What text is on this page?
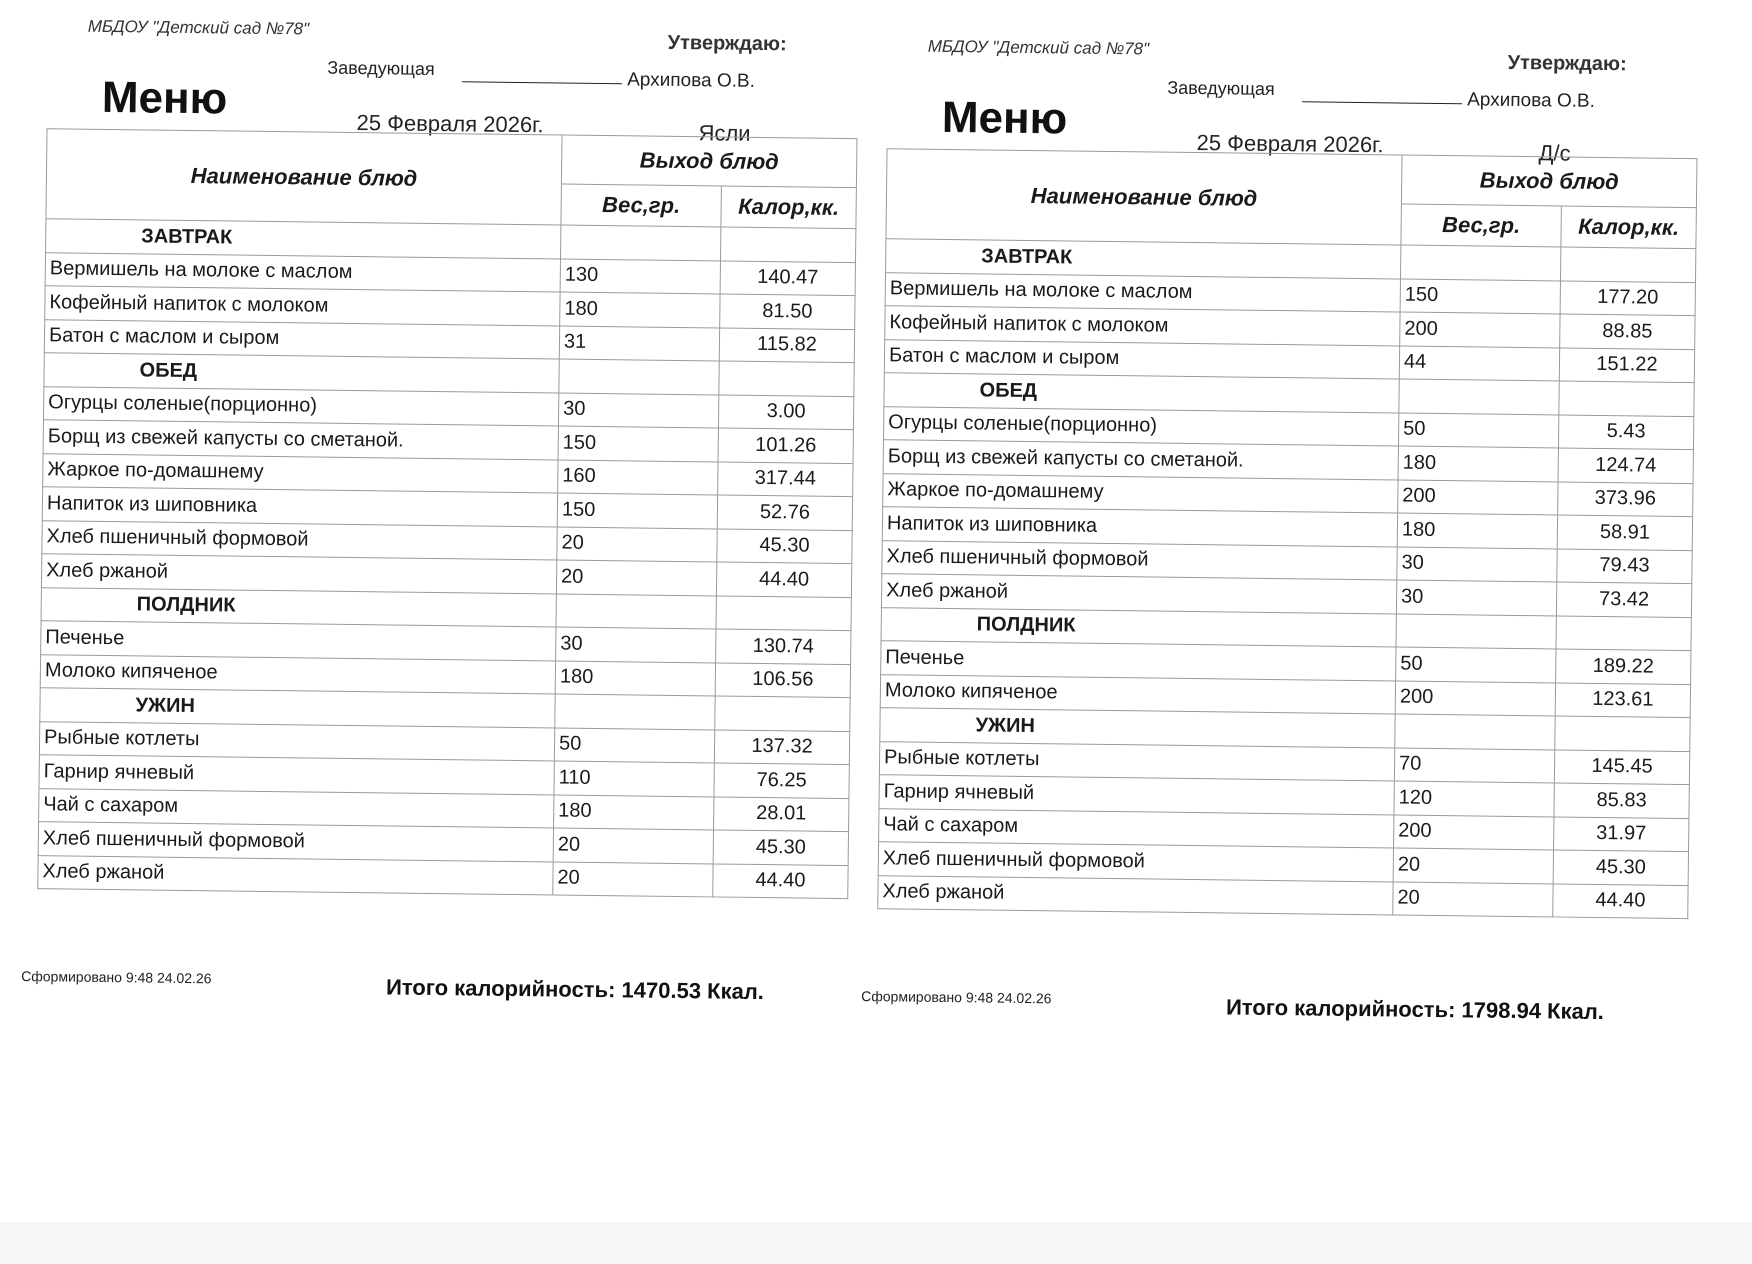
МБДОУ "Детский сад №78"
Утверждаю:
Заведующая
Архипова О.В.
Меню
25 Февраля 2026г.	Ясли
Наименование блюд	Выход блюд	
	Вес,гр.	Калор,кк.
ЗАВТРАК		
Вермишель на молоке с маслом	130	140.47
Кофейный напиток с молоком	180	81.50
Батон с маслом и сыром	31	115.82
ОБЕД		
Огурцы соленые(порционно)	30	3.00
Борщ из свежей капусты со сметаной.	150	101.26
Жаркое по-домашнему	160	317.44
Напиток из шиповника	150	52.76
Хлеб пшеничный формовой	20	45.30
Хлеб ржаной	20	44.40
ПОЛДНИК		
Печенье	30	130.74
Молоко кипяченое	180	106.56
УЖИН		
Рыбные котлеты	50	137.32
Гарнир ячневый	110	76.25
Чай с сахаром	180	28.01
Хлеб пшеничный формовой	20	45.30
Хлеб ржаной	20	44.40
Сформировано 9:48 24.02.26	Итого калорийность: 1470.53 Ккал.
МБДОУ "Детский сад №78"
Утверждаю:
Заведующая
Архипова О.В.
Меню
25 Февраля 2026г.	Д/с
Наименование блюд	Выход блюд	
	Вес,гр.	Калор,кк.
ЗАВТРАК		
Вермишель на молоке с маслом	150	177.20
Кофейный напиток с молоком	200	88.85
Батон с маслом и сыром	44	151.22
ОБЕД		
Огурцы соленые(порционно)	50	5.43
Борщ из свежей капусты со сметаной.	180	124.74
Жаркое по-домашнему	200	373.96
Напиток из шиповника	180	58.91
Хлеб пшеничный формовой	30	79.43
Хлеб ржаной	30	73.42
ПОЛДНИК		
Печенье	50	189.22
Молоко кипяченое	200	123.61
УЖИН		
Рыбные котлеты	70	145.45
Гарнир ячневый	120	85.83
Чай с сахаром	200	31.97
Хлеб пшеничный формовой	20	45.30
Хлеб ржаной	20	44.40
Сформировано 9:48 24.02.26	Итого калорийность: 1798.94 Ккал.
